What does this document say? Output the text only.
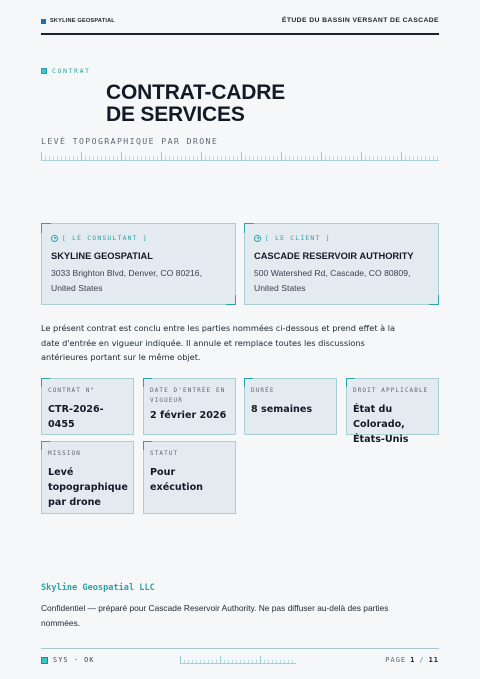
SKYLINE GEOSPATIAL	ÉTUDE DU BASSIN VERSANT DE CASCADE
CONTRAT
CONTRAT-CADRE
DE SERVICES
LEVÉ TOPOGRAPHIQUE PAR DRONE
[ LE CONSULTANT ]
SKYLINE GEOSPATIAL
3033 Brighton Blvd, Denver, CO 80216,
United States
[ LE CLIENT ]
CASCADE RESERVOIR AUTHORITY
500 Watershed Rd, Cascade, CO 80809,
United States

Le présent contrat est conclu entre les parties nommées ci-dessous et prend effet à la date d'entrée en vigueur indiquée. Il annule et remplace toutes les discussions antérieures portant sur le même objet.

CONTRAT N°
CTR-2026-0455
DATE D'ENTRÉE EN VIGUEUR
2 février 2026
DURÉE
8 semaines
DROIT APPLICABLE
État du Colorado, États-Unis
MISSION
Levé topographique par drone
STATUT
Pour exécution
Skyline Geospatial LLC

Confidentiel — préparé pour Cascade Reservoir Authority. Ne pas diffuser au-delà des parties nommées.

SYS · OK	PAGE 1 / 11
